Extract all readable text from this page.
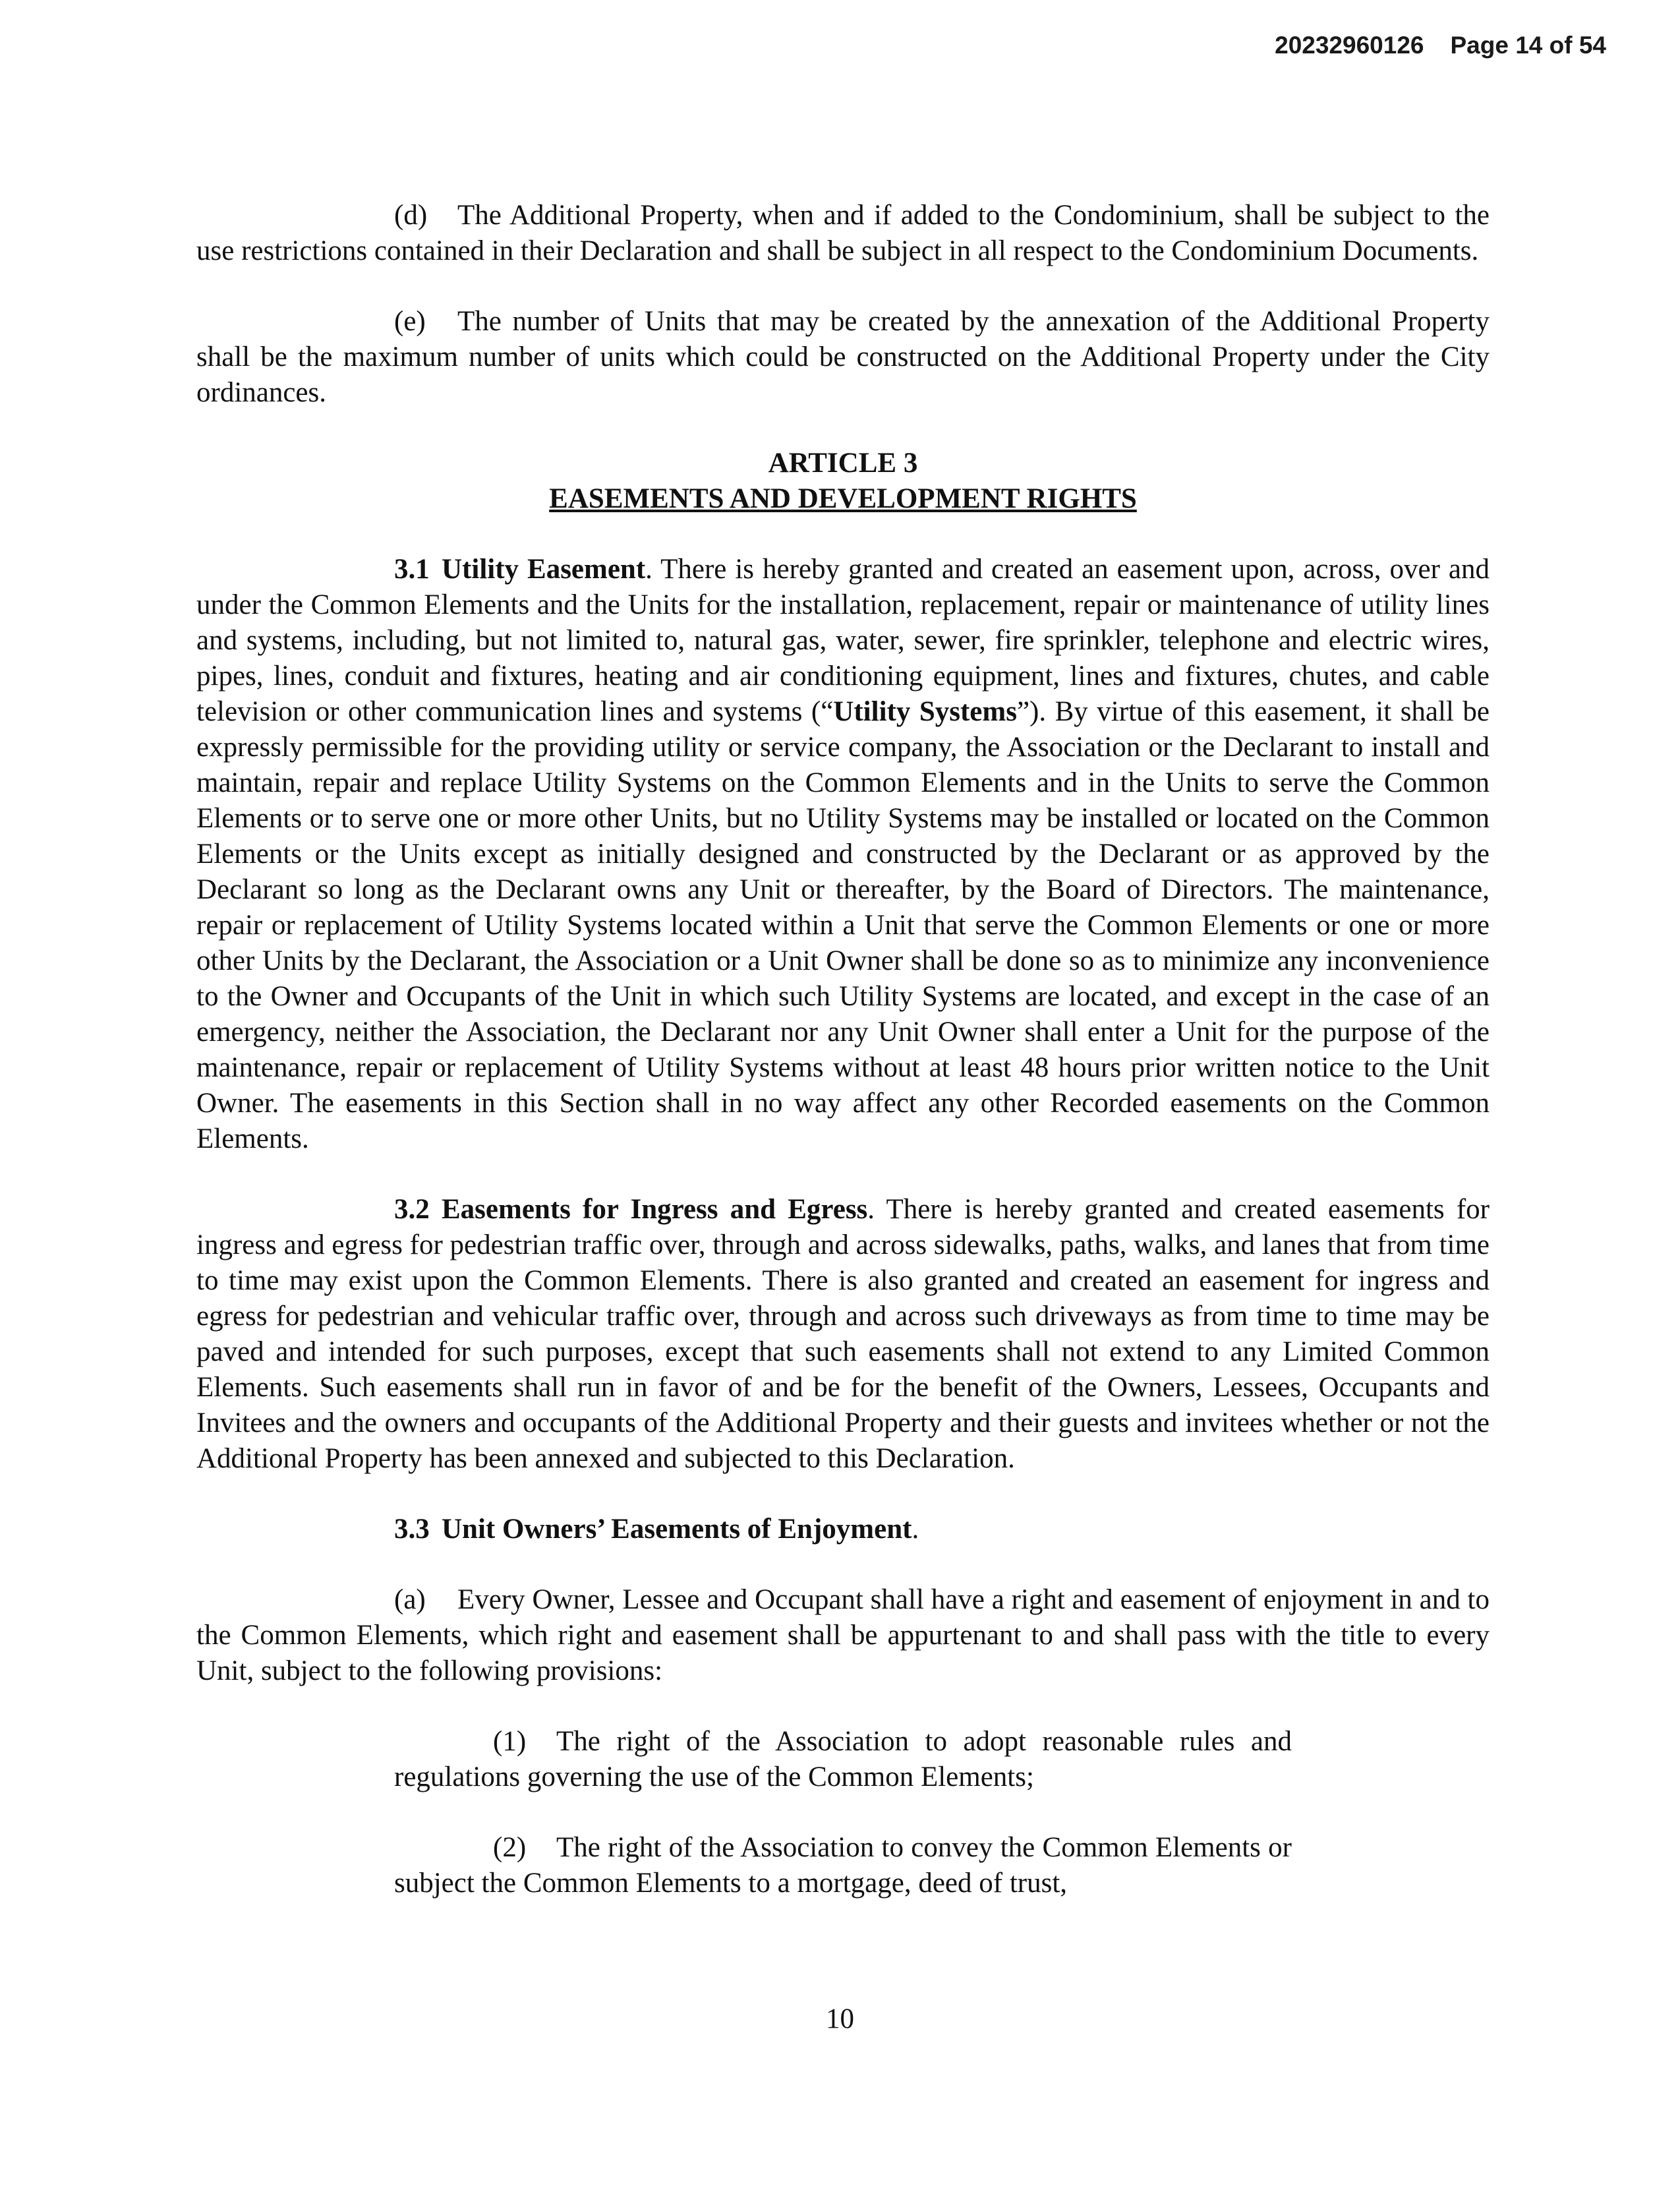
20232960126 Page 14 of 54

(d) The Additional Property, when and if added to the Condominium, shall be subject to the use restrictions contained in their Declaration and shall be subject in all respect to the Condominium Documents.

(e) The number of Units that may be created by the annexation of the Additional Property shall be the maximum number of units which could be constructed on the Additional Property under the City ordinances.

ARTICLE 3
EASEMENTS AND DEVELOPMENT RIGHTS

3.1 Utility Easement. There is hereby granted and created an easement upon, across, over and under the Common Elements and the Units for the installation, replacement, repair or maintenance of utility lines and systems, including, but not limited to, natural gas, water, sewer, fire sprinkler, telephone and electric wires, pipes, lines, conduit and fixtures, heating and air conditioning equipment, lines and fixtures, chutes, and cable television or other communication lines and systems (“Utility Systems”). By virtue of this easement, it shall be expressly permissible for the providing utility or service company, the Association or the Declarant to install and maintain, repair and replace Utility Systems on the Common Elements and in the Units to serve the Common Elements or to serve one or more other Units, but no Utility Systems may be installed or located on the Common Elements or the Units except as initially designed and constructed by the Declarant or as approved by the Declarant so long as the Declarant owns any Unit or thereafter, by the Board of Directors. The maintenance, repair or replacement of Utility Systems located within a Unit that serve the Common Elements or one or more other Units by the Declarant, the Association or a Unit Owner shall be done so as to minimize any inconvenience to the Owner and Occupants of the Unit in which such Utility Systems are located, and except in the case of an emergency, neither the Association, the Declarant nor any Unit Owner shall enter a Unit for the purpose of the maintenance, repair or replacement of Utility Systems without at least 48 hours prior written notice to the Unit Owner. The easements in this Section shall in no way affect any other Recorded easements on the Common Elements.

3.2 Easements for Ingress and Egress. There is hereby granted and created easements for ingress and egress for pedestrian traffic over, through and across sidewalks, paths, walks, and lanes that from time to time may exist upon the Common Elements. There is also granted and created an easement for ingress and egress for pedestrian and vehicular traffic over, through and across such driveways as from time to time may be paved and intended for such purposes, except that such easements shall not extend to any Limited Common Elements. Such easements shall run in favor of and be for the benefit of the Owners, Lessees, Occupants and Invitees and the owners and occupants of the Additional Property and their guests and invitees whether or not the Additional Property has been annexed and subjected to this Declaration.

3.3 Unit Owners’ Easements of Enjoyment.

(a) Every Owner, Lessee and Occupant shall have a right and easement of enjoyment in and to the Common Elements, which right and easement shall be appurtenant to and shall pass with the title to every Unit, subject to the following provisions:

(1) The right of the Association to adopt reasonable rules and regulations governing the use of the Common Elements;

(2) The right of the Association to convey the Common Elements or subject the Common Elements to a mortgage, deed of trust,

10
